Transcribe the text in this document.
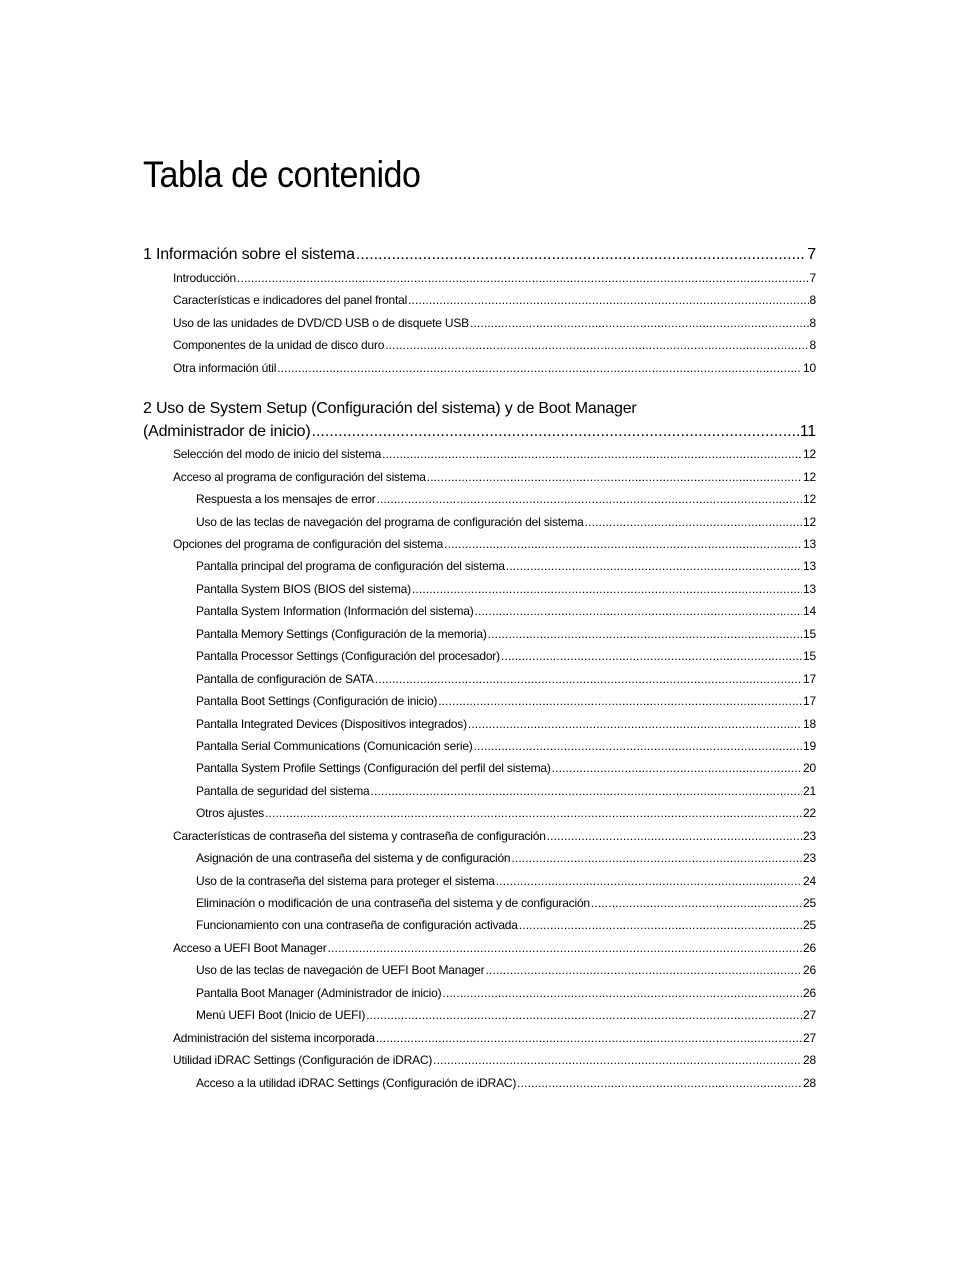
Tabla de contenido
1 Información sobre el sistema .....	7
Introducción . . .	7
Características e indicadores del panel frontal . . .	8
Uso de las unidades de DVD/CD USB o de disquete USB . . .	8
Componentes de la unidad de disco duro . . .	8
Otra información útil . . .	10
2 Uso de System Setup (Configuración del sistema) y de Boot Manager
(Administrador de inicio) .....	11
Selección del modo de inicio del sistema . . .	12
Acceso al programa de configuración del sistema . . .	12
Respuesta a los mensajes de error . . .	12
Uso de las teclas de navegación del programa de configuración del sistema . . .	12
Opciones del programa de configuración del sistema . . .	13
Pantalla principal del programa de configuración del sistema . . .	13
Pantalla System BIOS (BIOS del sistema) . . .	13
Pantalla System Information (Información del sistema) . . .	14
Pantalla Memory Settings (Configuración de la memoria) . . .	15
Pantalla Processor Settings (Configuración del procesador) . . .	15
Pantalla de configuración de SATA . . .	17
Pantalla Boot Settings (Configuración de inicio) . . .	17
Pantalla Integrated Devices (Dispositivos integrados) . . .	18
Pantalla Serial Communications (Comunicación serie) . . .	19
Pantalla System Profile Settings (Configuración del perfil del sistema) . . .	20
Pantalla de seguridad del sistema . . .	21
Otros ajustes . . .	22
Características de contraseña del sistema y contraseña de configuración . . .	23
Asignación de una contraseña del sistema y de configuración . . .	23
Uso de la contraseña del sistema para proteger el sistema . . .	24
Eliminación o modificación de una contraseña del sistema y de configuración . . .	25
Funcionamiento con una contraseña de configuración activada . . .	25
Acceso a UEFI Boot Manager . . .	26
Uso de las teclas de navegación de UEFI Boot Manager . . .	26
Pantalla Boot Manager (Administrador de inicio) . . .	26
Menú UEFI Boot (Inicio de UEFI) . . .	27
Administración del sistema incorporada . . .	27
Utilidad iDRAC Settings (Configuración de iDRAC) . . .	28
Acceso a la utilidad iDRAC Settings (Configuración de iDRAC) . . .	28
